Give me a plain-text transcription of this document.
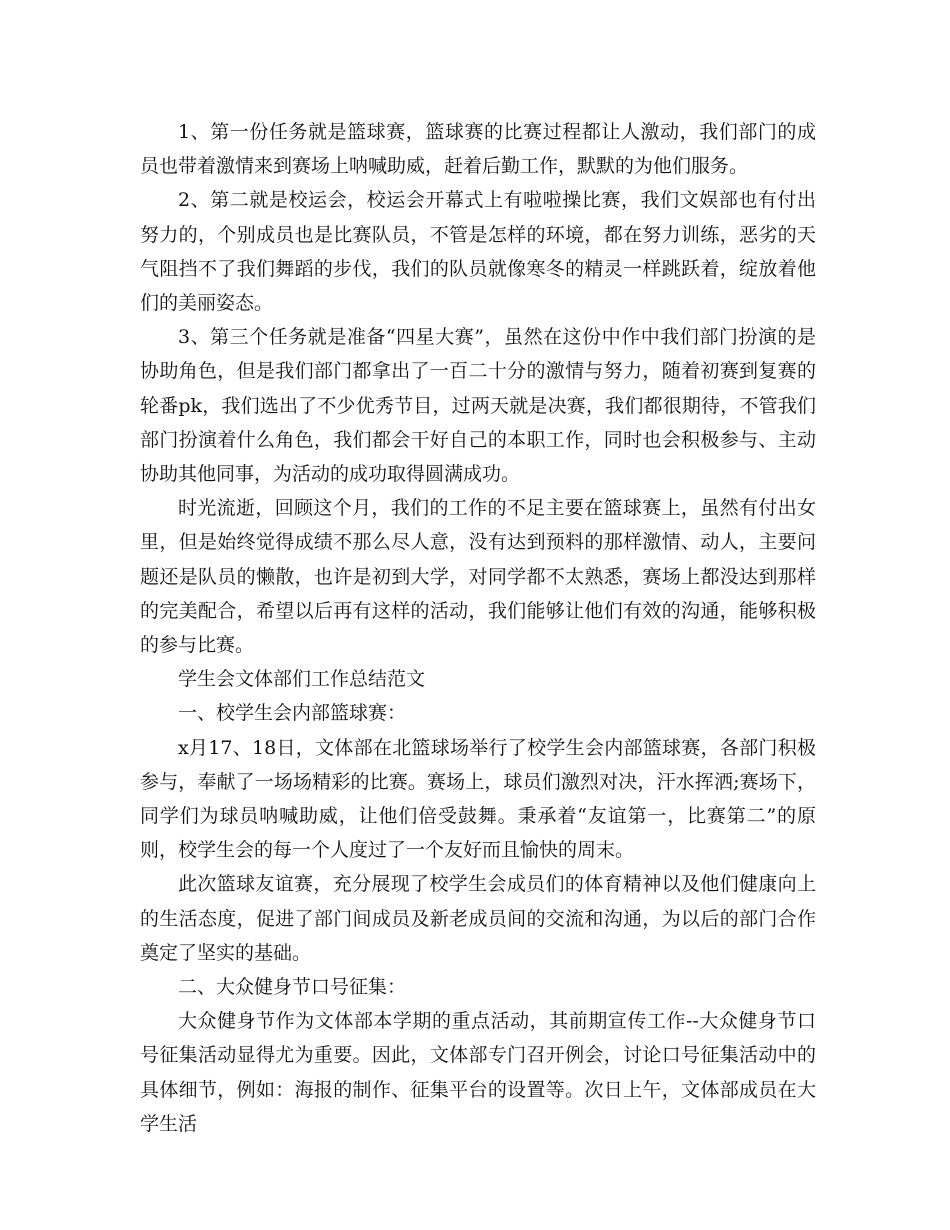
1、第一份任务就是篮球赛，篮球赛的比赛过程都让人激动，我们部门的成员也带着激情来到赛场上呐喊助威，赶着后勤工作，默默的为他们服务。

2、第二就是校运会，校运会开幕式上有啦啦操比赛，我们文娱部也有付出努力的，个别成员也是比赛队员，不管是怎样的环境，都在努力训练，恶劣的天气阻挡不了我们舞蹈的步伐，我们的队员就像寒冬的精灵一样跳跃着，绽放着他们的美丽姿态。

3、第三个任务就是准备“四星大赛”，虽然在这份中作中我们部门扮演的是协助角色，但是我们部门都拿出了一百二十分的激情与努力，随着初赛到复赛的轮番pk，我们选出了不少优秀节目，过两天就是决赛，我们都很期待，不管我们部门扮演着什么角色，我们都会干好自己的本职工作，同时也会积极参与、主动协助其他同事，为活动的成功取得圆满成功。

时光流逝，回顾这个月，我们的工作的不足主要在篮球赛上，虽然有付出女里，但是始终觉得成绩不那么尽人意，没有达到预料的那样激情、动人，主要问题还是队员的懒散，也许是初到大学，对同学都不太熟悉，赛场上都没达到那样的完美配合，希望以后再有这样的活动，我们能够让他们有效的沟通，能够积极的参与比赛。

学生会文体部们工作总结范文

一、校学生会内部篮球赛：

x月17、18日，文体部在北篮球场举行了校学生会内部篮球赛，各部门积极参与，奉献了一场场精彩的比赛。赛场上，球员们激烈对决，汗水挥洒;赛场下，同学们为球员呐喊助威，让他们倍受鼓舞。秉承着“友谊第一，比赛第二”的原则，校学生会的每一个人度过了一个友好而且愉快的周末。

此次篮球友谊赛，充分展现了校学生会成员们的体育精神以及他们健康向上的生活态度，促进了部门间成员及新老成员间的交流和沟通，为以后的部门合作奠定了坚实的基础。

二、大众健身节口号征集：

大众健身节作为文体部本学期的重点活动，其前期宣传工作--大众健身节口号征集活动显得尤为重要。因此，文体部专门召开例会，讨论口号征集活动中的具体细节，例如：海报的制作、征集平台的设置等。次日上午，文体部成员在大学生活
